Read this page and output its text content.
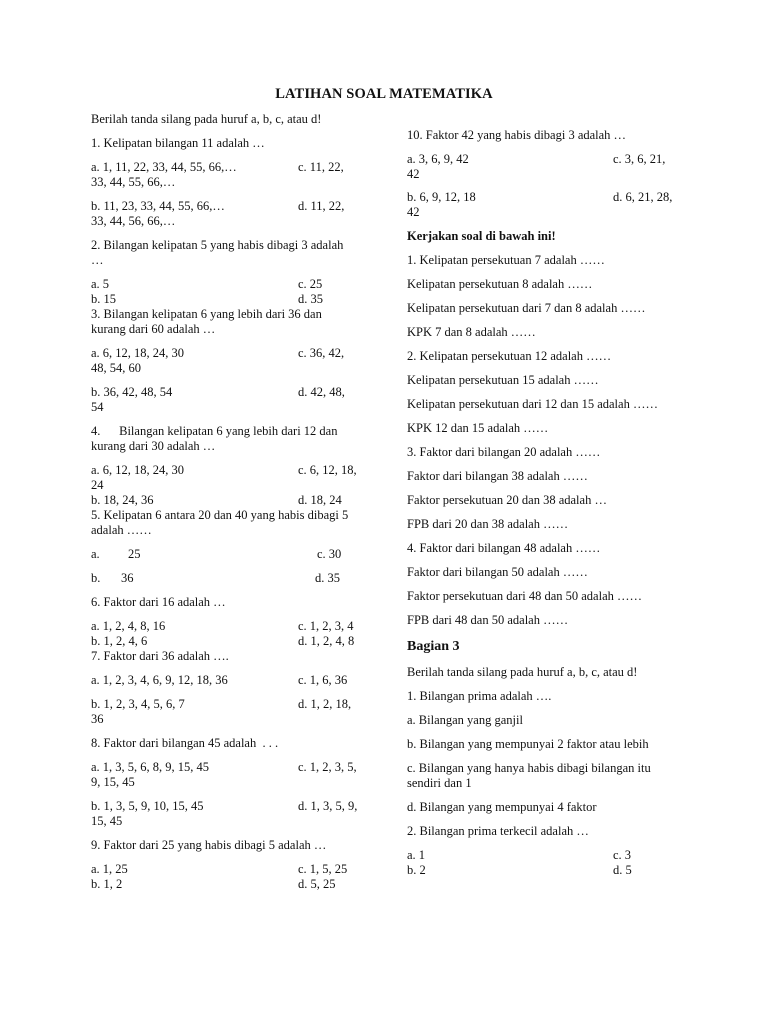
LATIHAN SOAL MATEMATIKA
Berilah tanda silang pada huruf a, b, c, atau d!
1. Kelipatan bilangan 11 adalah …
a. 1, 11, 22, 33, 44, 55, 66,…	c. 11, 22,
33, 44, 55, 66,…
b. 11, 23, 33, 44, 55, 66,…	d. 11, 22,
33, 44, 56, 66,…
2. Bilangan kelipatan 5 yang habis dibagi 3 adalah
…
a. 5	c. 25
b. 15	d. 35
3. Bilangan kelipatan 6 yang lebih dari 36 dan
kurang dari 60 adalah …
a. 6, 12, 18, 24, 30	c. 36, 42,
48, 54, 60
b. 36, 42, 48, 54	d. 42, 48,
54
4.      Bilangan kelipatan 6 yang lebih dari 12 dan
kurang dari 30 adalah …
a. 6, 12, 18, 24, 30	c. 6, 12, 18,
24
b. 18, 24, 36	d. 18, 24
5. Kelipatan 6 antara 20 dan 40 yang habis dibagi 5
adalah ……
a. 25	c. 30
b. 36	d. 35
6. Faktor dari 16 adalah …
a. 1, 2, 4, 8, 16	c. 1, 2, 3, 4
b. 1, 2, 4, 6	d. 1, 2, 4, 8
7. Faktor dari 36 adalah ….
a. 1, 2, 3, 4, 6, 9, 12, 18, 36	c. 1, 6, 36
b. 1, 2, 3, 4, 5, 6, 7	d. 1, 2, 18,
36
8. Faktor dari bilangan 45 adalah  . . .
a. 1, 3, 5, 6, 8, 9, 15, 45	c. 1, 2, 3, 5,
9, 15, 45
b. 1, 3, 5, 9, 10, 15, 45	d. 1, 3, 5, 9,
15, 45
9. Faktor dari 25 yang habis dibagi 5 adalah …
a. 1, 25	c. 1, 5, 25
b. 1, 2	d. 5, 25
10. Faktor 42 yang habis dibagi 3 adalah …
a. 3, 6, 9, 42	c. 3, 6, 21,
42
b. 6, 9, 12, 18	d. 6, 21, 28,
42
Kerjakan soal di bawah ini!
1. Kelipatan persekutuan 7 adalah ……
Kelipatan persekutuan 8 adalah ……
Kelipatan persekutuan dari 7 dan 8 adalah ……
KPK 7 dan 8 adalah ……
2. Kelipatan persekutuan 12 adalah ……
Kelipatan persekutuan 15 adalah ……
Kelipatan persekutuan dari 12 dan 15 adalah ……
KPK 12 dan 15 adalah ……
3. Faktor dari bilangan 20 adalah ……
Faktor dari bilangan 38 adalah ……
Faktor persekutuan 20 dan 38 adalah …
FPB dari 20 dan 38 adalah ……
4. Faktor dari bilangan 48 adalah ……
Faktor dari bilangan 50 adalah ……
Faktor persekutuan dari 48 dan 50 adalah ……
FPB dari 48 dan 50 adalah ……
Bagian 3
Berilah tanda silang pada huruf a, b, c, atau d!
1. Bilangan prima adalah ….
a. Bilangan yang ganjil
b. Bilangan yang mempunyai 2 faktor atau lebih
c. Bilangan yang hanya habis dibagi bilangan itu
sendiri dan 1
d. Bilangan yang mempunyai 4 faktor
2. Bilangan prima terkecil adalah …
a. 1	c. 3
b. 2	d. 5
